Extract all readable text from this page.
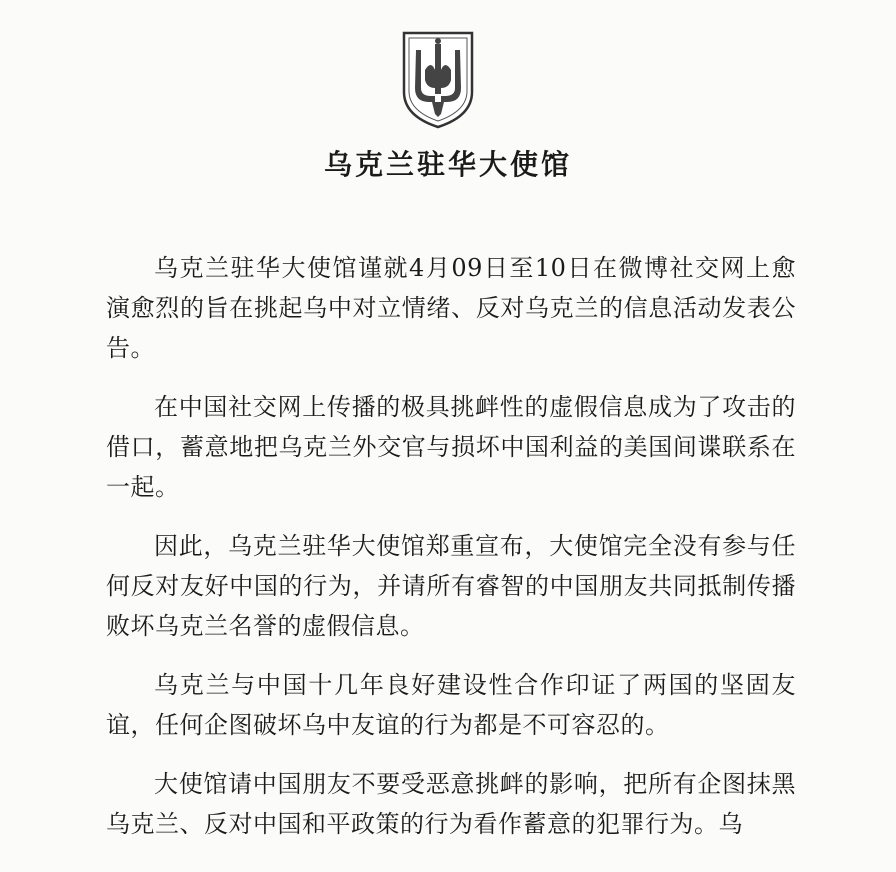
乌克兰驻华大使馆

乌克兰驻华大使馆谨就4月09日至10日在微博社交网上愈演愈烈的旨在挑起乌中对立情绪、反对乌克兰的信息活动发表公告。

在中国社交网上传播的极具挑衅性的虚假信息成为了攻击的借口，蓄意地把乌克兰外交官与损坏中国利益的美国间谍联系在一起。

因此，乌克兰驻华大使馆郑重宣布，大使馆完全没有参与任何反对友好中国的行为，并请所有睿智的中国朋友共同抵制传播败坏乌克兰名誉的虚假信息。

乌克兰与中国十几年良好建设性合作印证了两国的坚固友谊，任何企图破坏乌中友谊的行为都是不可容忍的。

大使馆请中国朋友不要受恶意挑衅的影响，把所有企图抹黑乌克兰、反对中国和平政策的行为看作蓄意的犯罪行为。乌
